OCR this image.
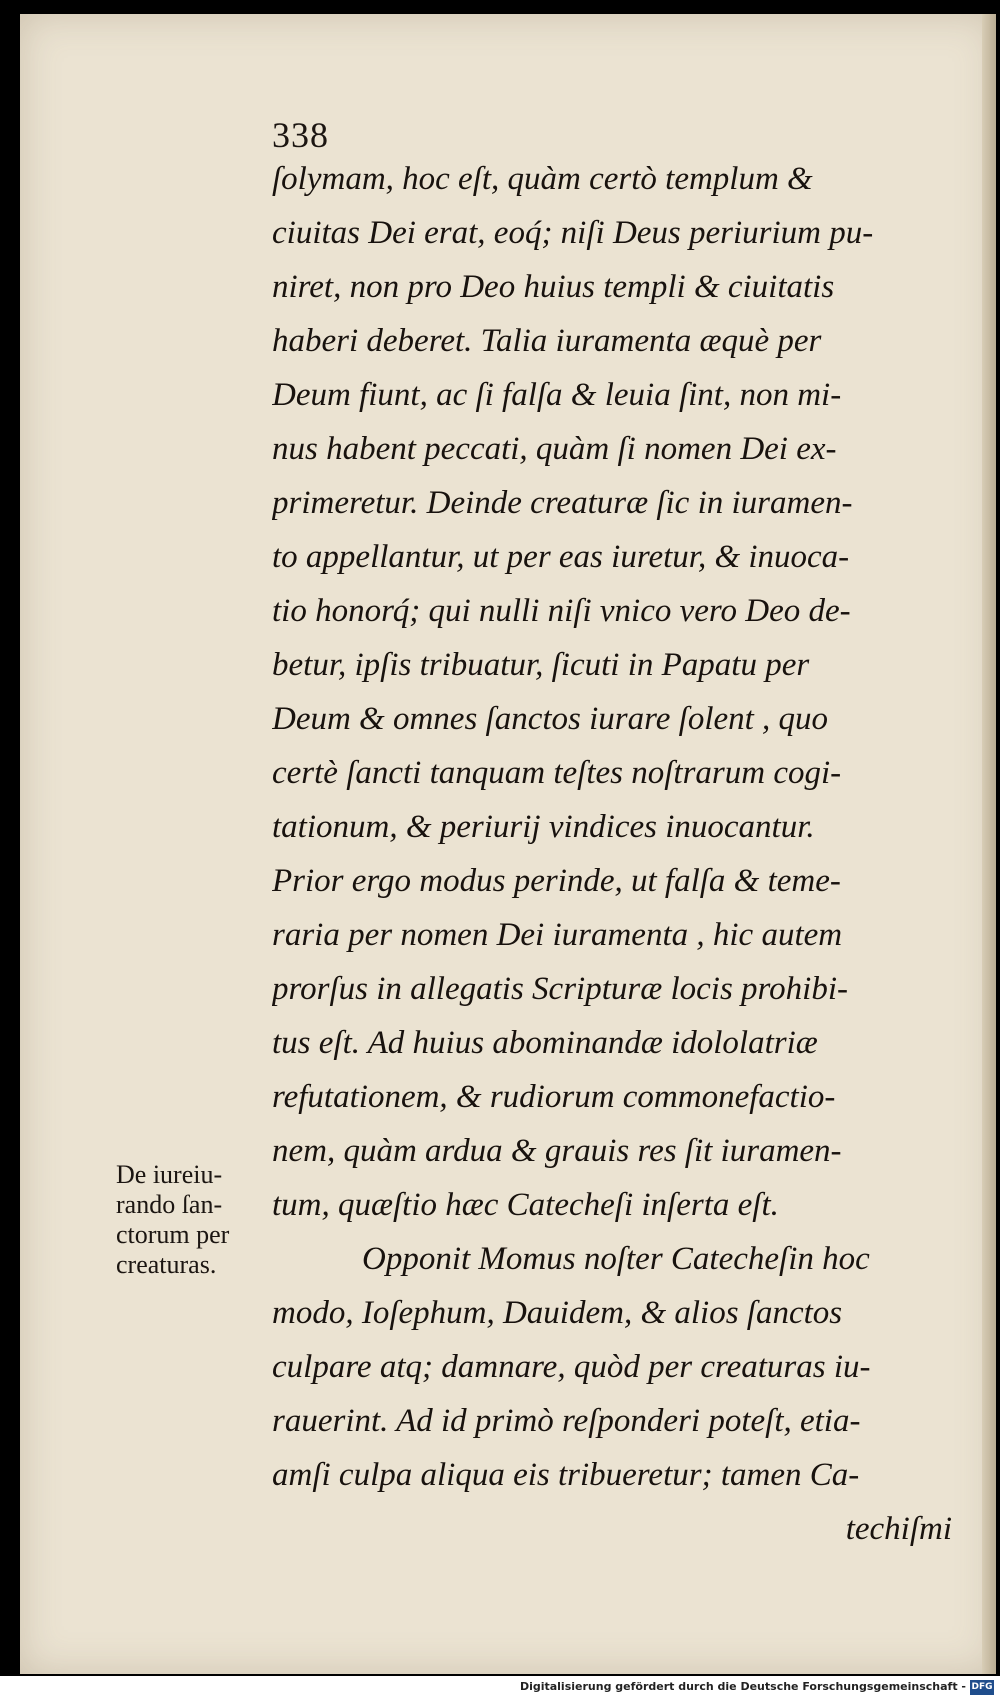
338
ſolymam, hoc eſt, quàm certò templum &
ciuitas Dei erat, eoq́; niſi Deus periurium pu-
niret, non pro Deo huius templi & ciuitatis
haberi deberet. Talia iuramenta æquè per
Deum fiunt, ac ſi falſa & leuia ſint, non mi-
nus habent peccati, quàm ſi nomen Dei ex-
primeretur. Deinde creaturæ ſic in iuramen-
to appellantur, ut per eas iuretur, & inuoca-
tio honorq́; qui nulli niſi vnico vero Deo de-
betur, ipſis tribuatur, ſicuti in Papatu per
Deum & omnes ſanctos iurare ſolent , quo
certè ſancti tanquam teſtes noſtrarum cogi-
tationum, & periurij vindices inuocantur.
Prior ergo modus perinde, ut falſa & teme-
raria per nomen Dei iuramenta , hic autem
prorſus in allegatis Scripturæ locis prohibi-
tus eſt. Ad huius abominandæ idololatriæ
refutationem, & rudiorum commonefactio-
nem, quàm ardua & grauis res ſit iuramen-
tum, quæſtio hæc Catecheſi inſerta eſt.
Opponit Momus noſter Catecheſin hoc
modo, Ioſephum, Dauidem, & alios ſanctos
culpare atq; damnare, quòd per creaturas iu-
rauerint. Ad id primò reſponderi poteſt, etia-
amſi culpa aliqua eis tribueretur; tamen Ca-
techiſmi
De iureiu-
rando ſan-
ctorum per
creaturas.
Digitalisierung gefördert durch die Deutsche Forschungsgemeinschaft - DFG
